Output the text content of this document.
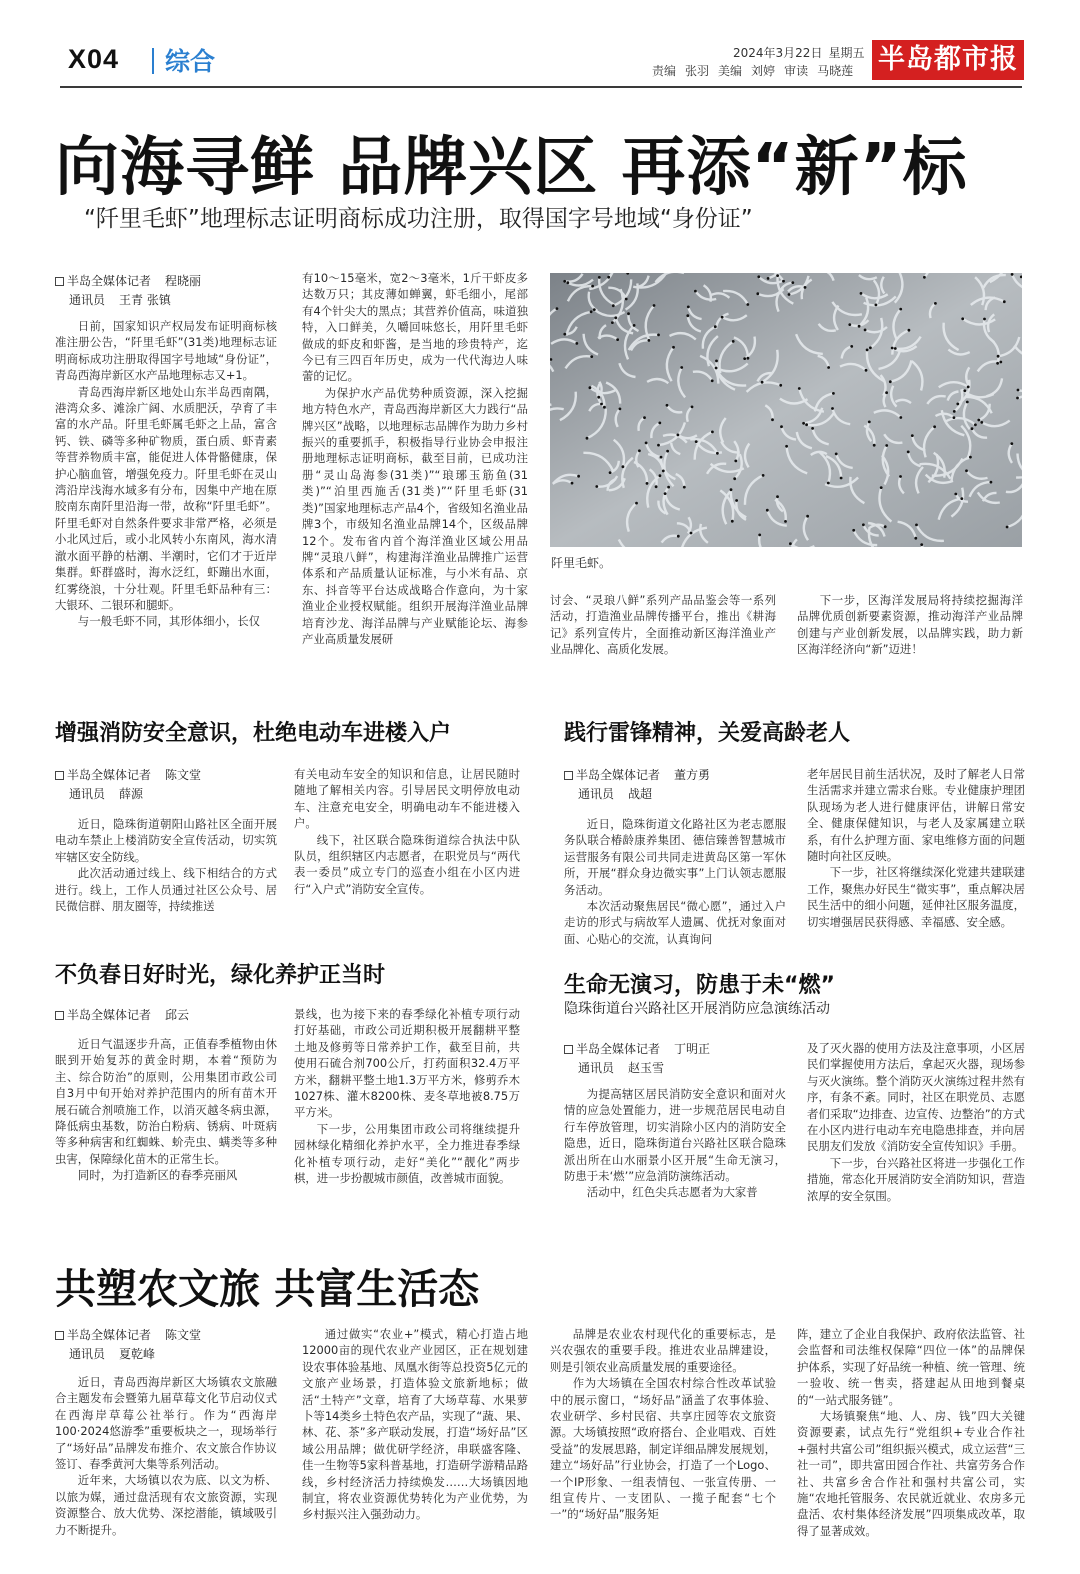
X04 综合	2024年3月22日 星期五
责编 张羽 美编 刘婷 审读 马晓莲 半岛都市报
向海寻鲜 品牌兴区 再添“新”标
“阡里毛虾”地理标志证明商标成功注册，取得国字号地域“身份证”
半岛全媒体记者 程晓丽
通讯员 王青 张镇

日前，国家知识产权局发布证明商标核准注册公告，“阡里毛虾”(31类)地理标志证明商标成功注册取得国字号地域“身份证”，青岛西海岸新区水产品地理标志又+1。

青岛西海岸新区地处山东半岛西南隅，港湾众多、滩涂广阔、水质肥沃，孕育了丰富的水产品。阡里毛虾属毛虾之上品，富含钙、铁、磷等多种矿物质，蛋白质、虾青素等营养物质丰富，能促进人体骨骼健康，保护心脑血管，增强免疫力。阡里毛虾在灵山湾沿岸浅海水域多有分布，因集中产地在原胶南东南阡里沿海一带，故称“阡里毛虾”。阡里毛虾对自然条件要求非常严格，必须是小北风过后，或小北风转小东南风，海水清澈水面平静的枯潮、半潮时，它们才于近岸集群。虾群盛时，海水泛红，虾蹦出水面，红雾绕浪，十分壮观。阡里毛虾品种有三：大银环、二银环和腿虾。

与一般毛虾不同，其形体细小，长仅

有10～15毫米，宽2～3毫米，1斤干虾皮多达数万只；其皮薄如蝉翼，虾毛细小，尾部有4个针尖大的黑点；其营养价值高，味道独特，入口鲜美，久嚼回味悠长，用阡里毛虾做成的虾皮和虾酱，是当地的珍贵特产，迄今已有三四百年历史，成为一代代海边人味蕾的记忆。

为保护水产品优势种质资源，深入挖掘地方特色水产，青岛西海岸新区大力践行“品牌兴区”战略，以地理标志品牌作为助力乡村振兴的重要抓手，积极指导行业协会申报注册地理标志证明商标，截至目前，已成功注册“灵山岛海参(31类)”“琅琊玉筋鱼(31类)”“泊里西施舌(31类)”“阡里毛虾(31类)”国家地理标志产品4个，省级知名渔业品牌3个，市级知名渔业品牌14个，区级品牌12个。发布省内首个海洋渔业区域公用品牌“灵琅八鲜”，构建海洋渔业品牌推广运营体系和产品质量认证标准，与小米有品、京东、抖音等平台达成战略合作意向，为十家渔业企业授权赋能。组织开展海洋渔业品牌培育沙龙、海洋品牌与产业赋能论坛、海参产业高质量发展研

阡里毛虾。

讨会、“灵琅八鲜”系列产品品鉴会等一系列活动，打造渔业品牌传播平台，推出《耕海记》系列宣传片，全面推动新区海洋渔业产业品牌化、高质化发展。

下一步，区海洋发展局将持续挖掘海洋品牌优质创新要素资源，推动海洋产业品牌创建与产业创新发展，以品牌实践，助力新区海洋经济向“新”迈进！

增强消防安全意识，杜绝电动车进楼入户
半岛全媒体记者 陈文堂
通讯员 薛源

近日，隐珠街道朝阳山路社区全面开展电动车禁止上楼消防安全宣传活动，切实筑牢辖区安全防线。

此次活动通过线上、线下相结合的方式进行。线上，工作人员通过社区公众号、居民微信群、朋友圈等，持续推送

有关电动车安全的知识和信息，让居民随时随地了解相关内容。引导居民文明停放电动车、注意充电安全，明确电动车不能进楼入户。

线下，社区联合隐珠街道综合执法中队队员，组织辖区内志愿者，在职党员与“两代表一委员”成立专门的巡查小组在小区内进行“入户式”消防安全宣传。

践行雷锋精神，关爱高龄老人
半岛全媒体记者 董方勇
通讯员 战超

近日，隐珠街道文化路社区为老志愿服务队联合椿龄康养集团、德信臻善智慧城市运营服务有限公司共同走进黄岛区第一军休所，开展“群众身边微实事”上门认领志愿服务活动。

本次活动聚焦居民“微心愿”，通过入户走访的形式与病故军人遗属、优抚对象面对面、心贴心的交流，认真询问

老年居民目前生活状况，及时了解老人日常生活需求并建立需求台账。专业健康护理团队现场为老人进行健康评估，讲解日常安全、健康保健知识，与老人及家属建立联系，有什么护理方面、家电维修方面的问题随时向社区反映。

下一步，社区将继续深化党建共建联建工作，聚焦办好民生“微实事”，重点解决居民生活中的细小问题，延伸社区服务温度，切实增强居民获得感、幸福感、安全感。

不负春日好时光，绿化养护正当时
半岛全媒体记者 邱云

近日气温逐步升高，正值春季植物由休眠到开始复苏的黄金时期，本着“预防为主、综合防治”的原则，公用集团市政公司自3月中旬开始对养护范围内的所有苗木开展石硫合剂喷施工作，以消灭越冬病虫源，降低病虫基数，防治白粉病、锈病、叶斑病等多种病害和红蜘蛛、蚧壳虫、螨类等多种虫害，保障绿化苗木的正常生长。

同时，为打造新区的春季亮丽风

景线，也为接下来的春季绿化补植专项行动打好基础，市政公司近期积极开展翻耕平整土地及修剪等日常养护工作，截至目前，共使用石硫合剂700公斤，打药面积32.4万平方米，翻耕平整土地1.3万平方米，修剪乔木1027株、灌木8200株、麦冬草地被8.75万平方米。

下一步，公用集团市政公司将继续提升园林绿化精细化养护水平，全力推进春季绿化补植专项行动，走好“美化”“靓化”两步棋，进一步扮靓城市颜值，改善城市面貌。

生命无演习，防患于未“燃”
隐珠街道台兴路社区开展消防应急演练活动
半岛全媒体记者 丁明正
通讯员 赵玉雪

为提高辖区居民消防安全意识和面对火情的应急处置能力，进一步规范居民电动自行车停放管理，切实消除小区内的消防安全隐患，近日，隐珠街道台兴路社区联合隐珠派出所在山水丽景小区开展“生命无演习，防患于未‘燃’”应急消防演练活动。

活动中，红色尖兵志愿者为大家普

及了灭火器的使用方法及注意事项，小区居民们掌握使用方法后，拿起灭火器，现场参与灭火演练。整个消防灭火演练过程井然有序，有条不紊。同时，社区在职党员、志愿者们采取“边排查、边宣传、边整治”的方式在小区内进行电动车充电隐患排查，并向居民朋友们发放《消防安全宣传知识》手册。

下一步，台兴路社区将进一步强化工作措施，常态化开展消防安全消防知识，营造浓厚的安全氛围。

共塑农文旅 共富生活态
半岛全媒体记者 陈文堂
通讯员 夏乾峰

近日，青岛西海岸新区大场镇农文旅融合主题发布会暨第九届草莓文化节启动仪式在西海岸草莓公社举行。作为“西海岸100·2024悠游季”重要板块之一，现场举行了“场好品”品牌发布推介、农文旅合作协议签订、春季黄河大集等系列活动。

近年来，大场镇以农为底、以文为桥、以旅为媒，通过盘活现有农文旅资源，实现资源整合、放大优势、深挖潜能，镇域吸引力不断提升。

通过做实“农业+”模式，精心打造占地12000亩的现代农业产业园区，正在规划建设农事体验基地、凤凰水街等总投资5亿元的文旅产业场景，打造体验文旅新地标；做活“土特产”文章，培育了大场草莓、水果萝卜等14类乡土特色农产品，实现了“蔬、果、林、花、茶”多产联动发展，打造“场好品”区域公用品牌；做优研学经济，串联盛客隆、佳一生物等5家科普基地，打造研学游精品路线，乡村经济活力持续焕发……大场镇因地制宜，将农业资源优势转化为产业优势，为乡村振兴注入强劲动力。

品牌是农业农村现代化的重要标志，是兴农强农的重要手段。推进农业品牌建设，则是引领农业高质量发展的重要途径。

作为大场镇在全国农村综合性改革试验中的展示窗口，“场好品”涵盖了农事体验、农业研学、乡村民宿、共享庄园等农文旅资源。大场镇按照“政府搭台、企业唱戏、百姓受益”的发展思路，制定详细品牌发展规划，建立“场好品”行业协会，打造了一个Logo、一个IP形象、一组表情包、一张宣传册、一组宣传片、一支团队、一揽子配套“七个一”的“场好品”服务矩

阵，建立了企业自我保护、政府依法监管、社会监督和司法维权保障“四位一体”的品牌保护体系，实现了好品统一种植、统一管理、统一验收、统一售卖，搭建起从田地到餐桌的“一站式服务链”。

大场镇聚焦“地、人、房、钱”四大关键资源要素，试点先行“党组织+专业合作社+强村共富公司”组织振兴模式，成立运营“三社一司”，即共富田园合作社、共富劳务合作社、共富乡舍合作社和强村共富公司，实施“农地托管服务、农民就近就业、农房多元盘活、农村集体经济发展”四项集成改革，取得了显著成效。
